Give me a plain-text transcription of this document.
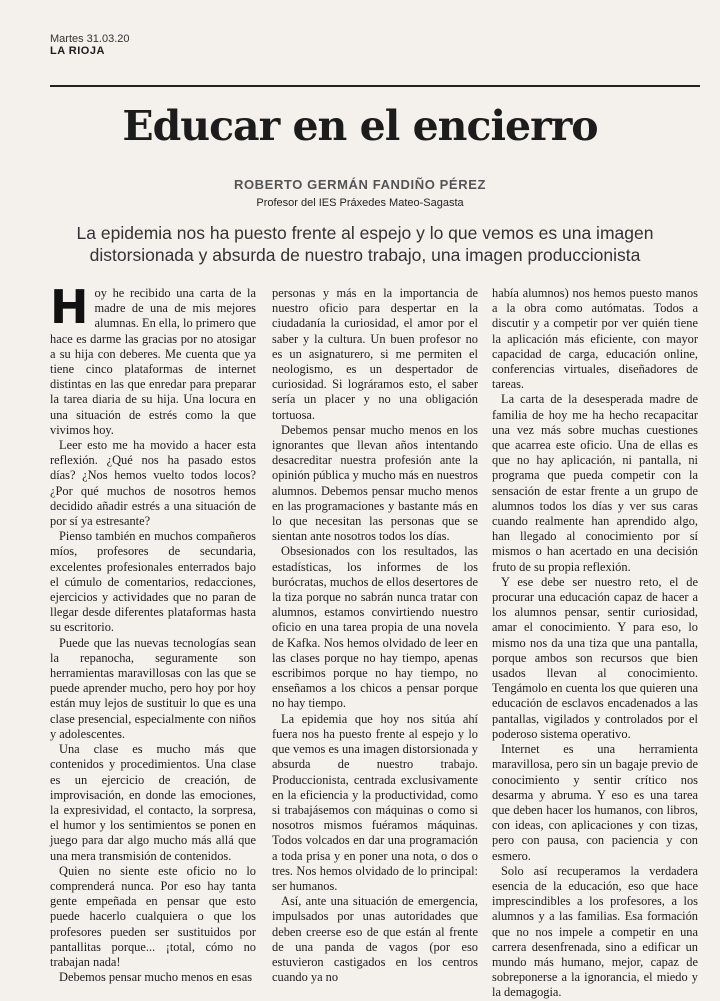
Martes 31.03.20
LA RIOJA
Educar en el encierro
ROBERTO GERMÁN FANDIÑO PÉREZ
Profesor del IES Práxedes Mateo-Sagasta

La epidemia nos ha puesto frente al espejo y lo que vemos es una imagen distorsionada y absurda de nuestro trabajo, una imagen produccionista

Hoy he recibido una carta de la madre de una de mis mejores alumnas. En ella, lo primero que hace es darme las gracias por no atosigar a su hija con deberes. Me cuenta que ya tiene cinco plataformas de internet distintas en las que enredar para preparar la tarea diaria de su hija. Una locura en una situación de estrés como la que vivimos hoy.

Leer esto me ha movido a hacer esta reflexión. ¿Qué nos ha pasado estos días? ¿Nos hemos vuelto todos locos? ¿Por qué muchos de nosotros hemos decidido añadir estrés a una situación de por sí ya estresante?

Pienso también en muchos compañeros míos, profesores de secundaria, excelentes profesionales enterrados bajo el cúmulo de comentarios, redacciones, ejercicios y actividades que no paran de llegar desde diferentes plataformas hasta su escritorio.

Puede que las nuevas tecnologías sean la repanocha, seguramente son herramientas maravillosas con las que se puede aprender mucho, pero hoy por hoy están muy lejos de sustituir lo que es una clase presencial, especialmente con niños y adolescentes.

Una clase es mucho más que contenidos y procedimientos. Una clase es un ejercicio de creación, de improvisación, en donde las emociones, la expresividad, el contacto, la sorpresa, el humor y los sentimientos se ponen en juego para dar algo mucho más allá que una mera transmisión de contenidos.

Quien no siente este oficio no lo comprenderá nunca. Por eso hay tanta gente empeñada en pensar que esto puede hacerlo cualquiera o que los profesores pueden ser sustituidos por pantallitas porque... ¡total, cómo no trabajan nada!

Debemos pensar mucho menos en esas

personas y más en la importancia de nuestro oficio para despertar en la ciudadanía la curiosidad, el amor por el saber y la cultura. Un buen profesor no es un asignaturero, si me permiten el neologismo, es un despertador de curiosidad. Si lográramos esto, el saber sería un placer y no una obligación tortuosa.

Debemos pensar mucho menos en los ignorantes que llevan años intentando desacreditar nuestra profesión ante la opinión pública y mucho más en nuestros alumnos. Debemos pensar mucho menos en las programaciones y bastante más en lo que necesitan las personas que se sientan ante nosotros todos los días.

Obsesionados con los resultados, las estadísticas, los informes de los burócratas, muchos de ellos desertores de la tiza porque no sabrán nunca tratar con alumnos, estamos convirtiendo nuestro oficio en una tarea propia de una novela de Kafka. Nos hemos olvidado de leer en las clases porque no hay tiempo, apenas escribimos porque no hay tiempo, no enseñamos a los chicos a pensar porque no hay tiempo.

La epidemia que hoy nos sitúa ahí fuera nos ha puesto frente al espejo y lo que vemos es una imagen distorsionada y absurda de nuestro trabajo. Produccionista, centrada exclusivamente en la eficiencia y la productividad, como si trabajásemos con máquinas o como si nosotros mismos fuéramos máquinas. Todos volcados en dar una programación a toda prisa y en poner una nota, o dos o tres. Nos hemos olvidado de lo principal: ser humanos.

Así, ante una situación de emergencia, impulsados por unas autoridades que deben creerse eso de que están al frente de una panda de vagos (por eso estuvieron castigados en los centros cuando ya no

había alumnos) nos hemos puesto manos a la obra como autómatas. Todos a discutir y a competir por ver quién tiene la aplicación más eficiente, con mayor capacidad de carga, educación online, conferencias virtuales, diseñadores de tareas.

La carta de la desesperada madre de familia de hoy me ha hecho recapacitar una vez más sobre muchas cuestiones que acarrea este oficio. Una de ellas es que no hay aplicación, ni pantalla, ni programa que pueda competir con la sensación de estar frente a un grupo de alumnos todos los días y ver sus caras cuando realmente han aprendido algo, han llegado al conocimiento por sí mismos o han acertado en una decisión fruto de su propia reflexión.

Y ese debe ser nuestro reto, el de procurar una educación capaz de hacer a los alumnos pensar, sentir curiosidad, amar el conocimiento. Y para eso, lo mismo nos da una tiza que una pantalla, porque ambos son recursos que bien usados llevan al conocimiento. Tengámolo en cuenta los que quieren una educación de esclavos encadenados a las pantallas, vigilados y controlados por el poderoso sistema operativo.

Internet es una herramienta maravillosa, pero sin un bagaje previo de conocimiento y sentir crítico nos desarma y abruma. Y eso es una tarea que deben hacer los humanos, con libros, con ideas, con aplicaciones y con tizas, pero con pausa, con paciencia y con esmero.

Solo así recuperamos la verdadera esencia de la educación, eso que hace imprescindibles a los profesores, a los alumnos y a las familias. Esa formación que no nos impele a competir en una carrera desenfrenada, sino a edificar un mundo más humano, mejor, capaz de sobreponerse a la ignorancia, el miedo y la demagogia.
